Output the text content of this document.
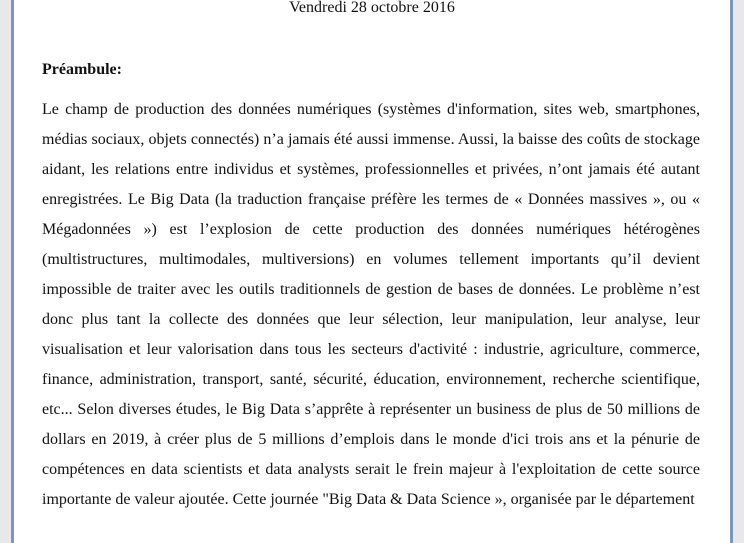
Vendredi 28 octobre 2016
Préambule:

Le champ de production des données numériques (systèmes d'information, sites web, smartphones, médias sociaux, objets connectés) n’a jamais été aussi immense. Aussi, la baisse des coûts de stockage aidant, les relations entre individus et systèmes, professionnelles et privées, n’ont jamais été autant enregistrées. Le Big Data (la traduction française préfère les termes de « Données massives », ou « Mégadonnées ») est l’explosion de cette production des données numériques hétérogènes (multistructures, multimodales, multiversions) en volumes tellement importants qu’il devient impossible de traiter avec les outils traditionnels de gestion de bases de données. Le problème n’est donc plus tant la collecte des données que leur sélection, leur manipulation, leur analyse, leur visualisation et leur valorisation dans tous les secteurs d'activité : industrie, agriculture, commerce, finance, administration, transport, santé, sécurité, éducation, environnement, recherche scientifique, etc... Selon diverses études, le Big Data s’apprête à représenter un business de plus de 50 millions de dollars en 2019, à créer plus de 5 millions d’emplois dans le monde d'ici trois ans et la pénurie de compétences en data scientists et data analysts serait le frein majeur à l'exploitation de cette source importante de valeur ajoutée. Cette journée "Big Data & Data Science », organisée par le département
